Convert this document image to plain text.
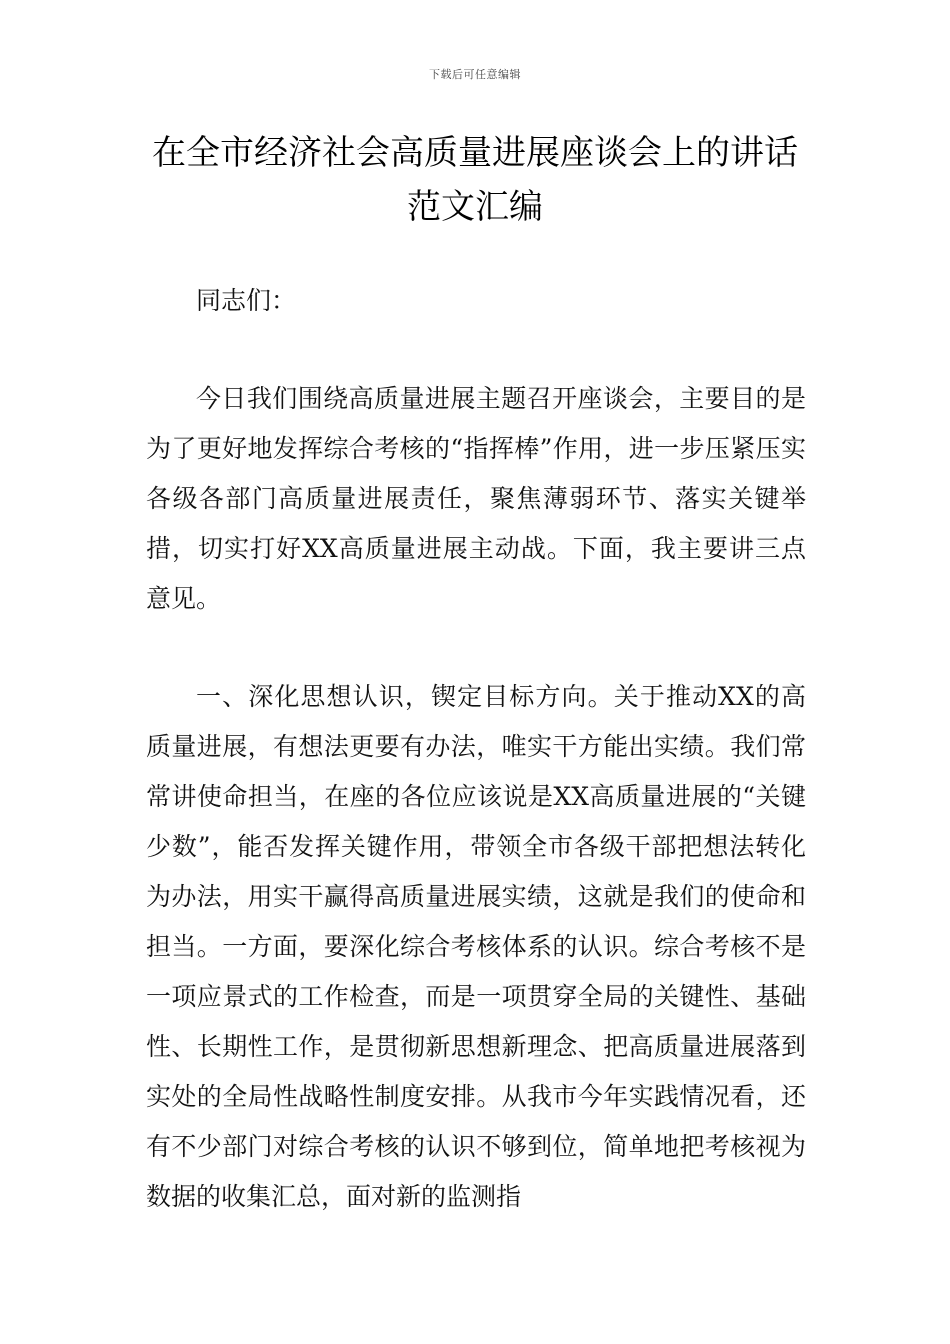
下载后可任意编辑
在全市经济社会高质量进展座谈会上的讲话范文汇编

同志们：

今日我们围绕高质量进展主题召开座谈会，主要目的是为了更好地发挥综合考核的“指挥棒”作用，进一步压紧压实各级各部门高质量进展责任，聚焦薄弱环节、落实关键举措，切实打好XX高质量进展主动战。下面，我主要讲三点意见。

一、深化思想认识，锲定目标方向。关于推动XX的高质量进展，有想法更要有办法，唯实干方能出实绩。我们常常讲使命担当，在座的各位应该说是XX高质量进展的“关键少数”，能否发挥关键作用，带领全市各级干部把想法转化为办法，用实干赢得高质量进展实绩，这就是我们的使命和担当。一方面，要深化综合考核体系的认识。综合考核不是一项应景式的工作检查，而是一项贯穿全局的关键性、基础性、长期性工作，是贯彻新思想新理念、把高质量进展落到实处的全局性战略性制度安排。从我市今年实践情况看，还有不少部门对综合考核的认识不够到位，简单地把考核视为数据的收集汇总，面对新的监测指
